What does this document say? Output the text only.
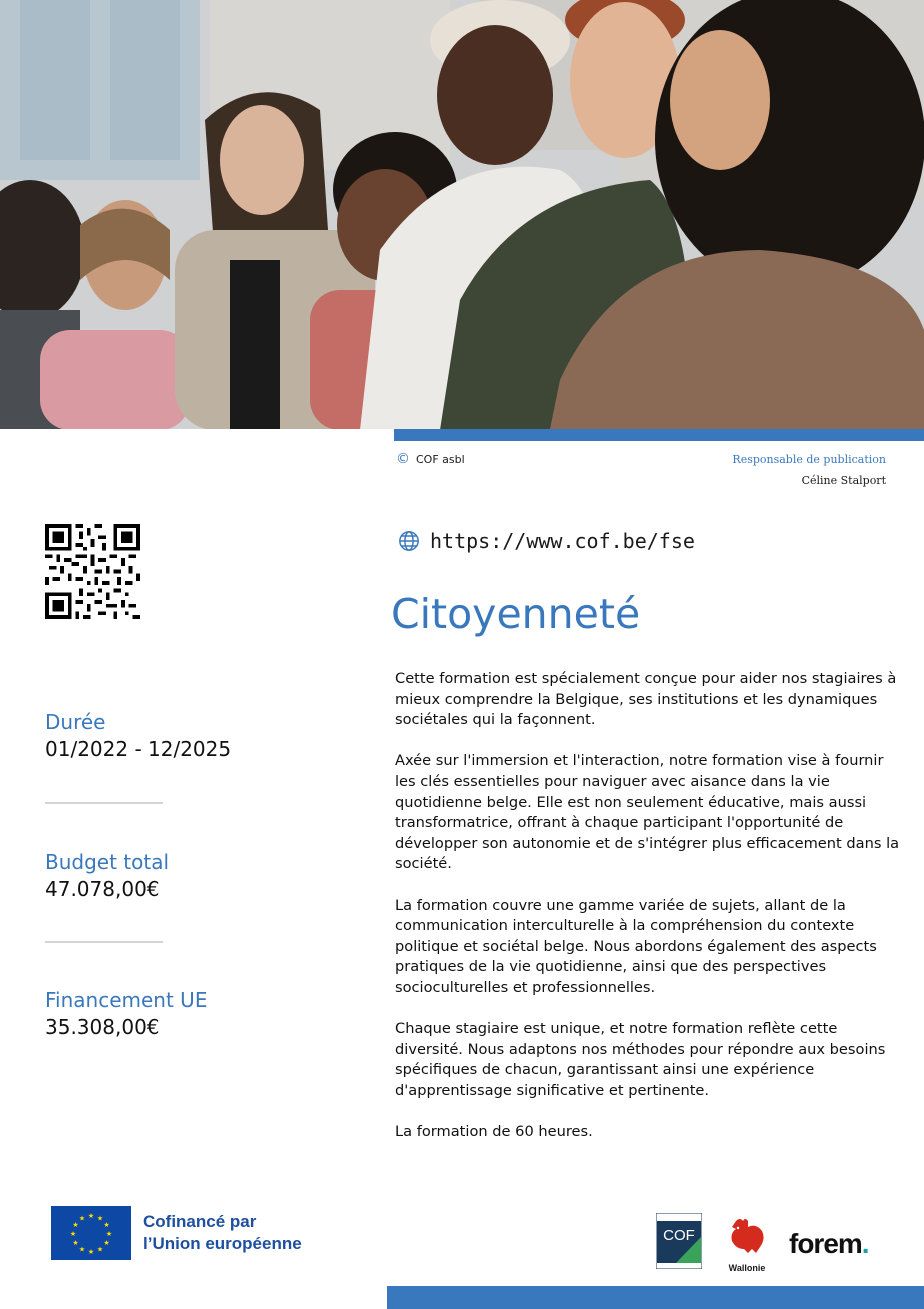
© COF asbl	Responsable de publication
Céline Stalport
https://www.cof.be/fse
Citoyenneté

Cette formation est spécialement conçue pour aider nos stagiaires à mieux comprendre la Belgique, ses institutions et les dynamiques sociétales qui la façonnent.

Axée sur l'immersion et l'interaction, notre formation vise à fournir les clés essentielles pour naviguer avec aisance dans la vie quotidienne belge. Elle est non seulement éducative, mais aussi transformatrice, offrant à chaque participant l'opportunité de développer son autonomie et de s'intégrer plus efficacement dans la société.

La formation couvre une gamme variée de sujets, allant de la communication interculturelle à la compréhension du contexte politique et sociétal belge. Nous abordons également des aspects pratiques de la vie quotidienne, ainsi que des perspectives socioculturelles et professionnelles.

Chaque stagiaire est unique, et notre formation reflète cette diversité. Nous adaptons nos méthodes pour répondre aux besoins spécifiques de chacun, garantissant ainsi une expérience d'apprentissage significative et pertinente.

La formation de 60 heures.

Durée
01/2022 - 12/2025
Budget total
47.078,00€
Financement UE
35.308,00€
★ ★
★
★
★
★
★
★
★
★
★
★	Cofinancé par
l’Union européenne	COF
Wallonie
forem.
